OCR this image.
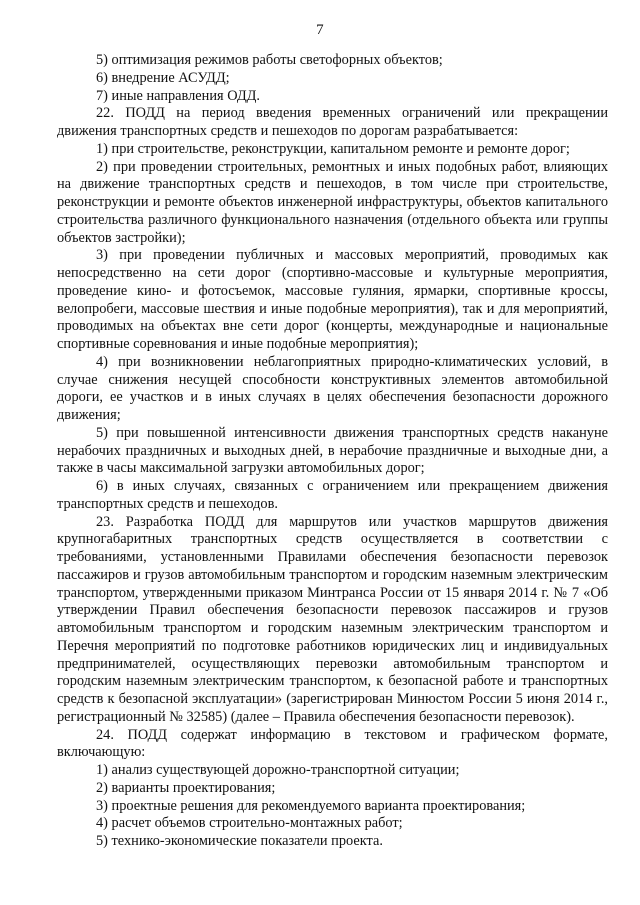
7

5) оптимизация режимов работы светофорных объектов;

6) внедрение АСУДД;

7) иные направления ОДД.

22. ПОДД на период введения временных ограничений или прекращении движения транспортных средств и пешеходов по дорогам разрабатывается:

1) при строительстве, реконструкции, капитальном ремонте и ремонте дорог;

2) при проведении строительных, ремонтных и иных подобных работ, влияющих на движение транспортных средств и пешеходов, в том числе при строительстве, реконструкции и ремонте объектов инженерной инфраструктуры, объектов капитального строительства различного функционального назначения (отдельного объекта или группы объектов застройки);

3) при проведении публичных и массовых мероприятий, проводимых как непосредственно на сети дорог (спортивно-массовые и культурные мероприятия, проведение кино- и фотосъемок, массовые гуляния, ярмарки, спортивные кроссы, велопробеги, массовые шествия и иные подобные мероприятия), так и для мероприятий, проводимых на объектах вне сети дорог (концерты, международные и национальные спортивные соревнования и иные подобные мероприятия);

4) при возникновении неблагоприятных природно-климатических условий, в случае снижения несущей способности конструктивных элементов автомобильной дороги, ее участков и в иных случаях в целях обеспечения безопасности дорожного движения;

5) при повышенной интенсивности движения транспортных средств накануне нерабочих праздничных и выходных дней, в нерабочие праздничные и выходные дни, а также в часы максимальной загрузки автомобильных дорог;

6) в иных случаях, связанных с ограничением или прекращением движения транспортных средств и пешеходов.

23. Разработка ПОДД для маршрутов или участков маршрутов движения крупногабаритных транспортных средств осуществляется в соответствии с требованиями, установленными Правилами обеспечения безопасности перевозок пассажиров и грузов автомобильным транспортом и городским наземным электрическим транспортом, утвержденными приказом Минтранса России от 15 января 2014 г. № 7 «Об утверждении Правил обеспечения безопасности перевозок пассажиров и грузов автомобильным транспортом и городским наземным электрическим транспортом и Перечня мероприятий по подготовке работников юридических лиц и индивидуальных предпринимателей, осуществляющих перевозки автомобильным транспортом и городским наземным электрическим транспортом, к безопасной работе и транспортных средств к безопасной эксплуатации» (зарегистрирован Минюстом России 5 июня 2014 г., регистрационный № 32585) (далее – Правила обеспечения безопасности перевозок).

24. ПОДД содержат информацию в текстовом и графическом формате, включающую:

1) анализ существующей дорожно-транспортной ситуации;

2) варианты проектирования;

3) проектные решения для рекомендуемого варианта проектирования;

4) расчет объемов строительно-монтажных работ;

5) технико-экономические показатели проекта.
